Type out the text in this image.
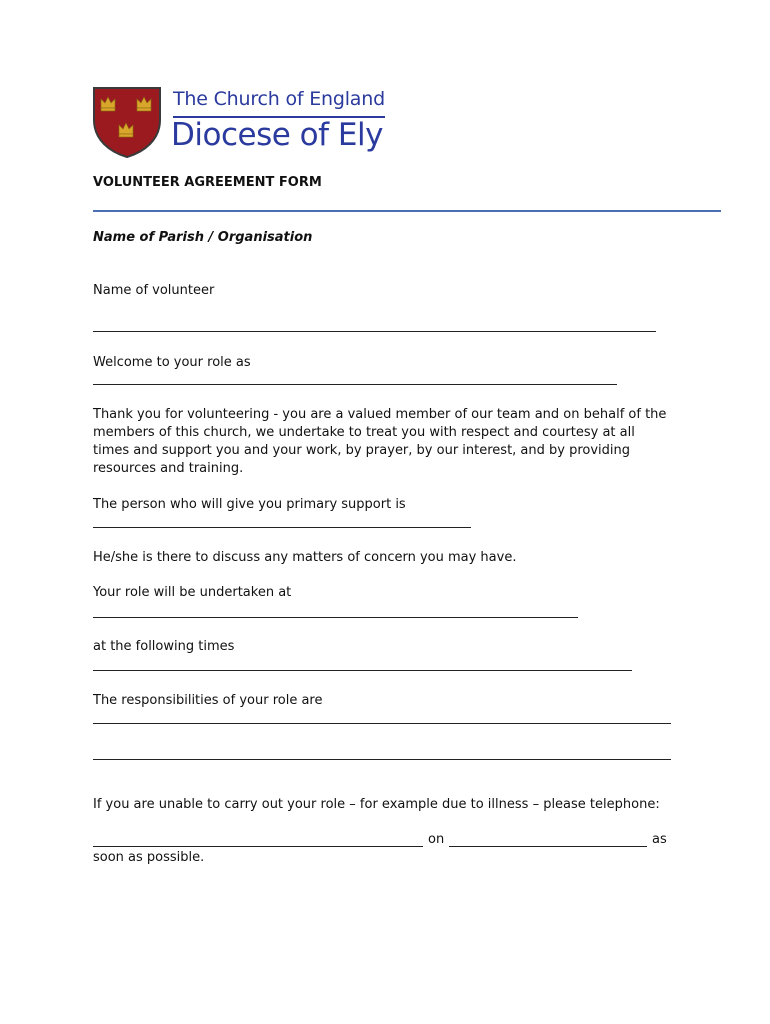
The Church of England
Diocese of Ely
VOLUNTEER AGREEMENT FORM
Name of Parish / Organisation
Name of volunteer
Welcome to your role as
Thank you for volunteering - you are a valued member of our team and on behalf of the members of this church, we undertake to treat you with respect and courtesy at all times and support you and your work, by prayer, by our interest, and by providing resources and training.
The person who will give you primary support is
He/she is there to discuss any matters of concern you may have.
Your role will be undertaken at
at the following times
The responsibilities of your role are
If you are unable to carry out your role – for example due to illness – please telephone:
on	as
soon as possible.
